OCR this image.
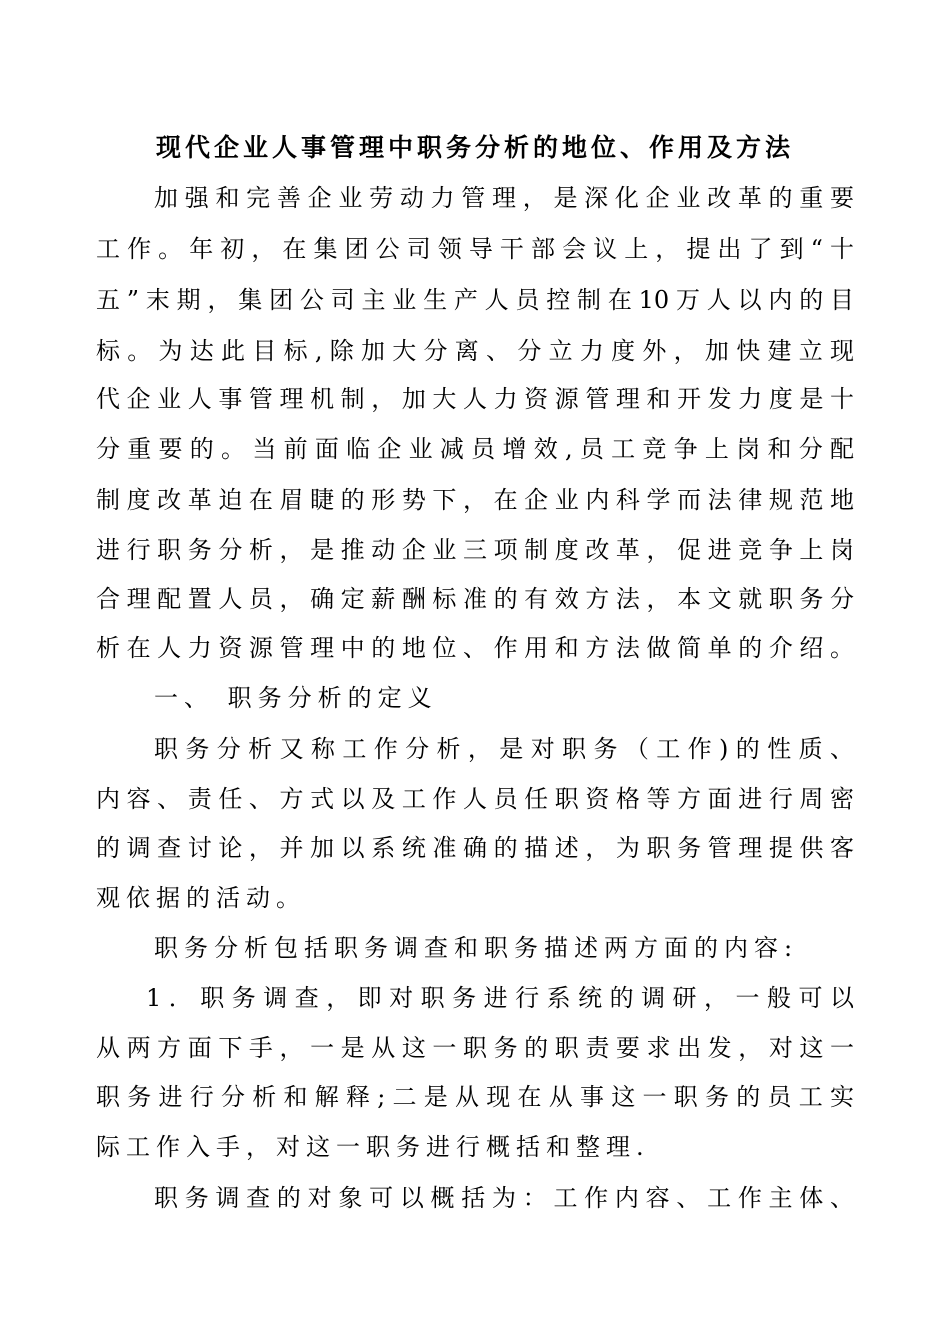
现代企业人事管理中职务分析的地位、作用及方法
加强和完善企业劳动力管理，是深化企业改革的重要
工作。年初，在集团公司领导干部会议上，提出了到“十
五”末期，集团公司主业生产人员控制在10万人以内的目
标。为达此目标,除加大分离、分立力度外，加快建立现
代企业人事管理机制，加大人力资源管理和开发力度是十
分重要的。当前面临企业减员增效,员工竞争上岗和分配
制度改革迫在眉睫的形势下，在企业内科学而法律规范地
进行职务分析，是推动企业三项制度改革，促进竞争上岗
合理配置人员，确定薪酬标准的有效方法，本文就职务分
析在人力资源管理中的地位、作用和方法做简单的介绍。
一、 职务分析的定义
职务分析又称工作分析，是对职务（工作)的性质、
内容、责任、方式以及工作人员任职资格等方面进行周密
的调查讨论，并加以系统准确的描述，为职务管理提供客
观依据的活动。
职务分析包括职务调查和职务描述两方面的内容:
1．职务调查，即对职务进行系统的调研，一般可以
从两方面下手，一是从这一职务的职责要求出发，对这一
职务进行分析和解释;二是从现在从事这一职务的员工实
际工作入手，对这一职务进行概括和整理.
职务调查的对象可以概括为：工作内容、工作主体、
